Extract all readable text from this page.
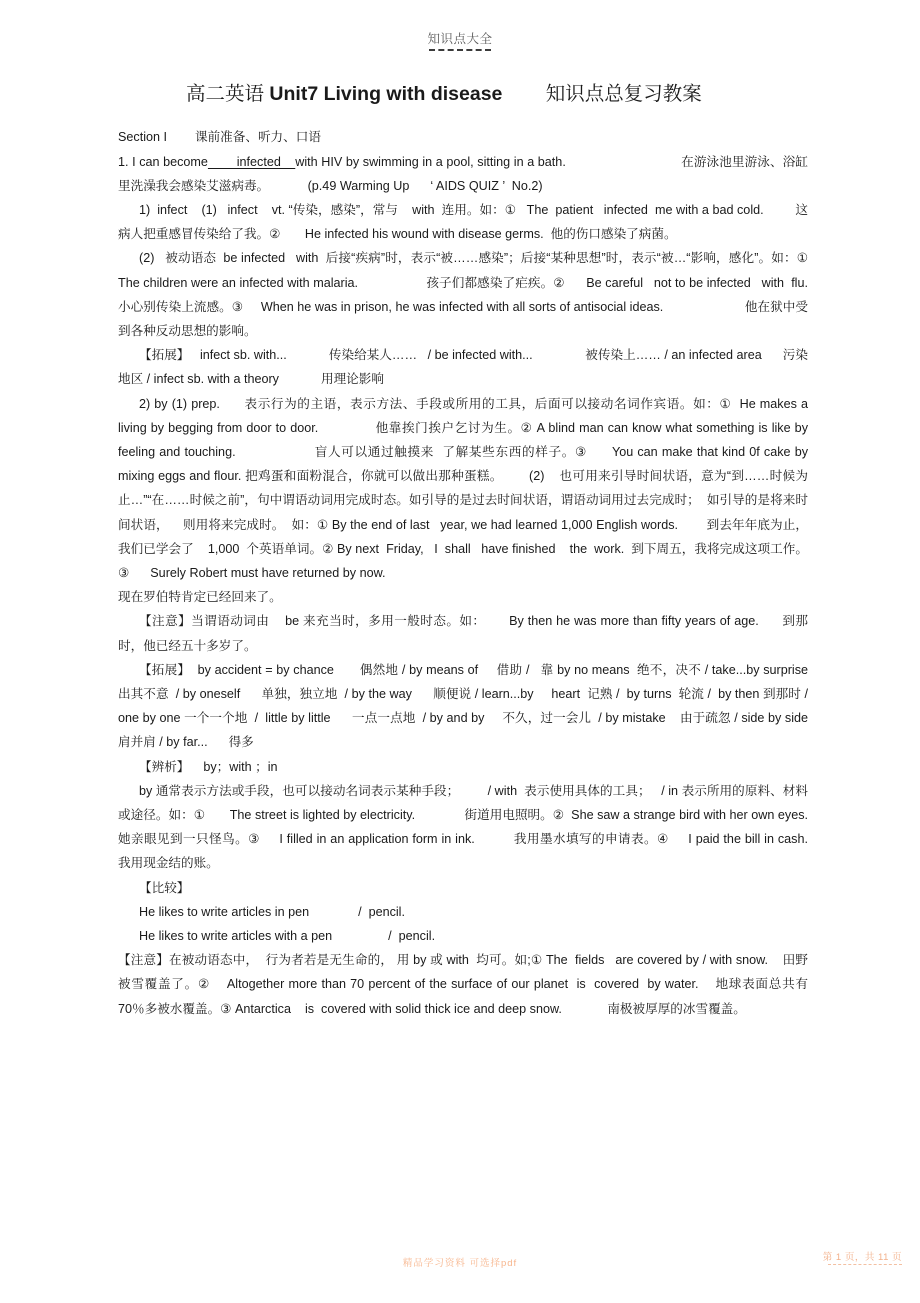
知识点大全
高二英语 Unit7 Living with disease        知识点总复习教案

Section I        课前准备、听力、口语

1. I can become        infected    with HIV by swimming in a pool, sitting in a bath.                                在游泳池里游泳、浴缸里洗澡我会感染艾滋病毒。           (p.49 Warming Up      ‘ AIDS QUIZ ’  No.2)

1)  infect    (1)   infect    vt. “传染，感染”，常与    with  连用。如：①   The  patient   infected  me with a bad cold.         这病人把重感冒传染给了我。②       He infected his wound with disease germs.  他的伤口感染了病菌。

(2)   被动语态  be infected   with  后接“疾病”时，表示“被……感染”；后接“某种思想”时，表示“被…“影响，感化”。如：①              The children were an infected with malaria.                   孩子们都感染了疟疾。②      Be careful   not to be infected   with  flu.    小心别传染上流感。③     When he was in prison, he was infected with all sorts of antisocial ideas.                       他在狱中受到各种反动思想的影响。

【拓展】   infect sb. with...            传染给某人……   / be infected with...               被传染上…… / an infected area      污染地区 / infect sb. with a theory            用理论影响

2) by (1) prep.      表示行为的主语，表示方法、手段或所用的工具，后面可以接动名词作宾语。如：①  He makes a living by begging from door to door.              他靠挨门挨户乞讨为生。② A blind man can know what something is like by feeling and touching.                   盲人可以通过触摸来  了解某些东西的样子。③      You can make that kind 0f cake by mixing eggs and flour. 把鸡蛋和面粉混合，你就可以做出那种蛋糕。       (2)    也可用来引导时间状语，意为“到……时候为止…”“在……时候之前”，句中谓语动词用完成时态。如引导的是过去时间状语，谓语动词用过去完成时；  如引导的是将来时间状语，    则用将来完成时。  如：① By the end of last   year, we had learned 1,000 English words.        到去年年底为止，我们已学会了    1,000  个英语单词。② By next  Friday,   I  shall   have finished    the  work.  到下周五，我将完成这项工作。③      Surely Robert must have returned by now.

现在罗伯特肯定已经回来了。

【注意】当谓语动词由    be 来充当时，多用一般时态。如：      By then he was more than fifty years of age.      到那时，他已经五十多岁了。

【拓展】  by accident = by chance       偶然地 / by means of     借助 /   靠 by no means  绝不，决不 / take...by surprise         出其不意  / by oneself      单独，独立地  / by the way      顺便说 / learn...by     heart  记熟 /  by turns  轮流 /  by then 到那时 /  one by one 一个一个地  /  little by little      一点一点地  / by and by     不久，过一会儿  / by mistake    由于疏忽 / side by side 肩并肩 / by far...      得多

【辨析】    by；with ；in

by 通常表示方法或手段，也可以接动名词表示某种手段；        / with  表示使用具体的工具；   / in 表示所用的原料、材料或途径。如：①       The street is lighted by electricity.              街道用电照明。②  She saw a strange bird with her own eyes.          她亲眼见到一只怪鸟。③     I filled in an application form in ink.          我用墨水填写的申请表。④     I paid the bill in cash.            我用现金结的账。

【比较】

He likes to write articles in pen              /  pencil.

He likes to write articles with a pen                /  pencil.

【注意】在被动语态中，  行为者若是无生命的， 用 by 或 with  均可。如;① The  fields   are covered by / with snow.    田野被雪覆盖了。②    Altogether more than 70 percent of the surface of our planet  is  covered  by water.    地球表面总共有    70％多被水覆盖。③ Antarctica    is  covered with solid thick ice and deep snow.             南极被厚厚的冰雪覆盖。

精品学习资料 可选择pdf
第 1 页，共 11 页
